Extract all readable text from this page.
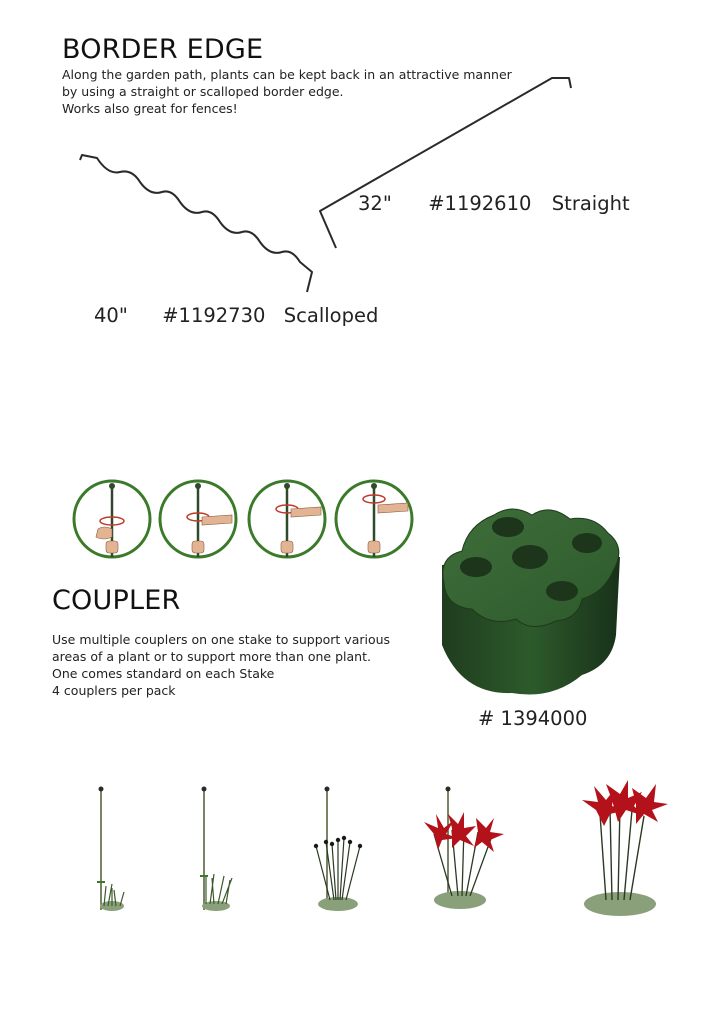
BORDER EDGE
Along the garden path, plants can be kept back in an attractive manner
by using a straight or scalloped border edge.
Works also great for fences!
32" #1192610 Straight
40" #1192730 Scalloped
COUPLER
Use multiple couplers on one stake to support various
areas of a plant or to support more than one plant.
One comes standard on each Stake
4 couplers per pack
# 1394000
